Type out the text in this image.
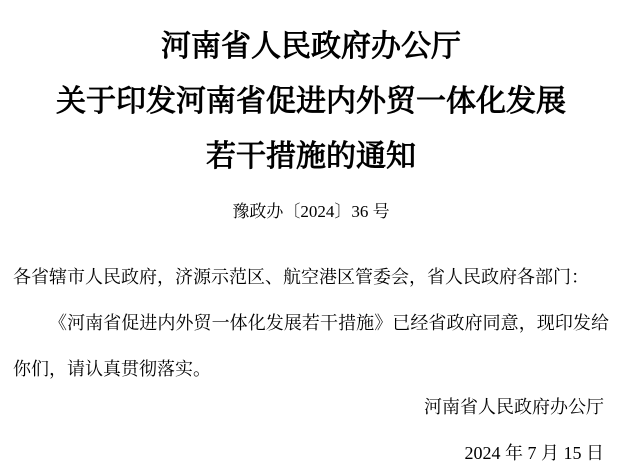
河南省人民政府办公厅
关于印发河南省促进内外贸一体化发展
若干措施的通知
豫政办〔2024〕36 号

各省辖市人民政府，济源示范区、航空港区管委会，省人民政府各部门：

《河南省促进内外贸一体化发展若干措施》已经省政府同意，现印发给你们，请认真贯彻落实。

河南省人民政府办公厅
2024 年 7 月 15 日
